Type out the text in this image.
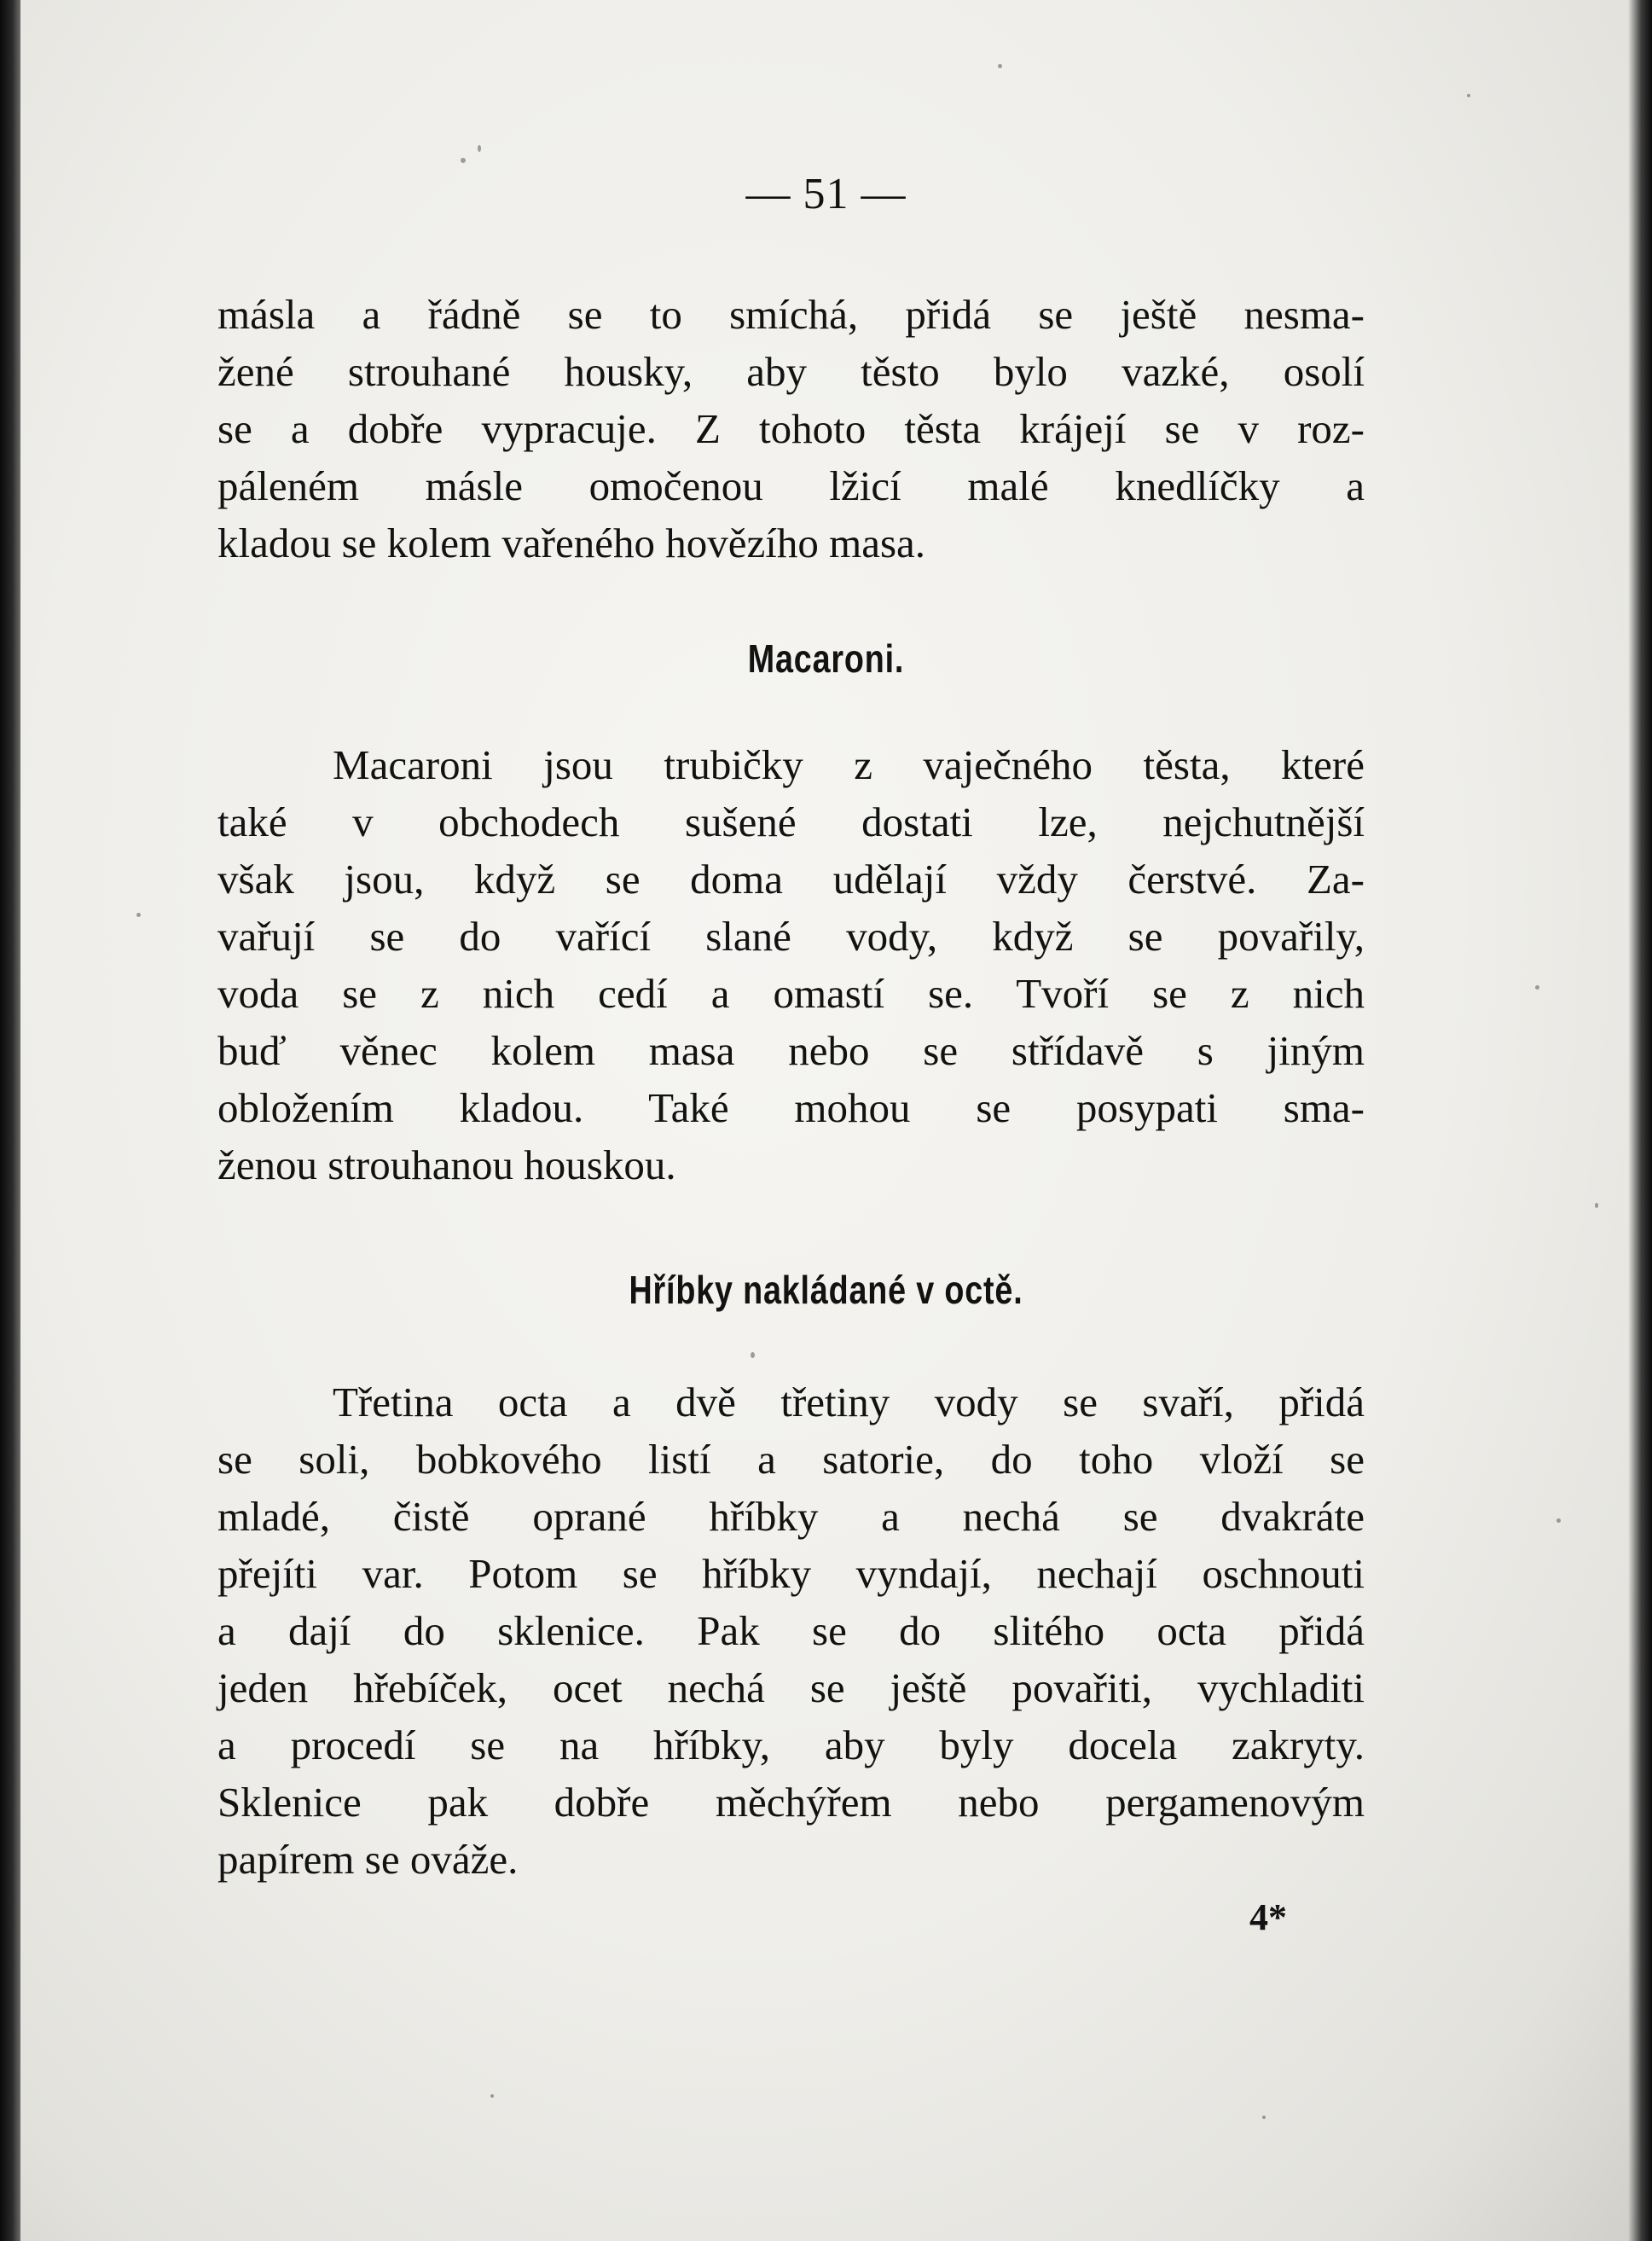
— 51 —
másla a řádně se to smíchá, přidá se ještě nesma-
žené strouhané housky, aby těsto bylo vazké, osolí
se a dobře vypracuje. Z tohoto těsta krájejí se v roz-
páleném másle omočenou lžicí malé knedlíčky a
kladou se kolem vařeného hovězího masa.
Macaroni.
Macaroni jsou trubičky z vaječného těsta, které
také v obchodech sušené dostati lze, nejchutnější
však jsou, když se doma udělají vždy čerstvé. Za-
vařují se do vařící slané vody, když se povařily,
voda se z nich cedí a omastí se. Tvoří se z nich
buď věnec kolem masa nebo se střídavě s jiným
obložením kladou. Také mohou se posypati sma-
ženou strouhanou houskou.
Hříbky nakládané v octě.
Třetina octa a dvě třetiny vody se svaří, přidá
se soli, bobkového listí a satorie, do toho vloží se
mladé, čistě oprané hříbky a nechá se dvakráte
přejíti var. Potom se hříbky vyndají, nechají oschnouti
a dají do sklenice. Pak se do slitého octa přidá
jeden hřebíček, ocet nechá se ještě povařiti, vychladiti
a procedí se na hříbky, aby byly docela zakryty.
Sklenice pak dobře měchýřem nebo pergamenovým
papírem se ováže.
4*
